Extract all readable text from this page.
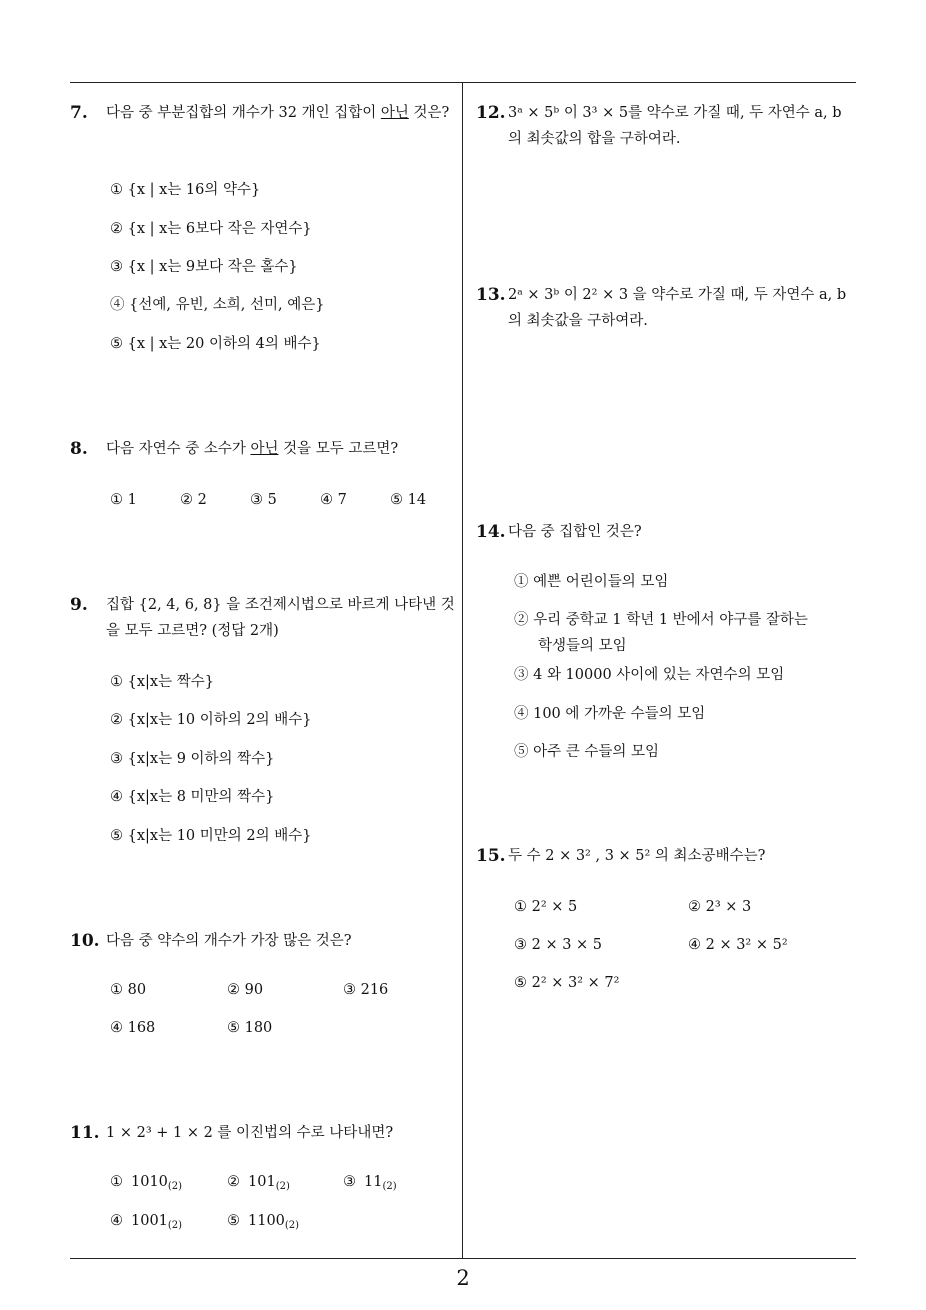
7.	다음 중 부분집합의 개수가 32 개인 집합이 아닌 것은?
① {x | x는 16의 약수}
② {x | x는 6보다 작은 자연수}
③ {x | x는 9보다 작은 홀수}
④ {선예, 유빈, 소희, 선미, 예은}
⑤ {x | x는 20 이하의 4의 배수}
8.	다음 자연수 중 소수가 아닌 것을 모두 고르면?
① 1	② 2	③ 5	④ 7	⑤ 14
9.	집합 {2, 4, 6, 8} 을 조건제시법으로 바르게 나타낸 것을 모두 고르면? (정답 2개)
① {x|x는 짝수}
② {x|x는 10 이하의 2의 배수}
③ {x|x는 9 이하의 짝수}
④ {x|x는 8 미만의 짝수}
⑤ {x|x는 10 미만의 2의 배수}
10. 다음 중 약수의 개수가 가장 많은 것은?
① 80	② 90	③ 216
④ 168	⑤ 180
11. 1 × 2³ + 1 × 2 를 이진법의 수로 나타내면?
① $1010_{(2)}$	② $101_{(2)}$	③ $11_{(2)}$
④ $1001_{(2)}$	⑤ $1100_{(2)}$
12. 3ᵃ × 5ᵇ 이 3³ × 5를 약수로 가질 때, 두 자연수 a, b 의 최솟값의 합을 구하여라.
13. 2ᵃ × 3ᵇ 이 2² × 3 을 약수로 가질 때, 두 자연수 a, b 의 최솟값을 구하여라.
14. 다음 중 집합인 것은?
① 예쁜 어린이들의 모임
② 우리 중학교 1 학년 1 반에서 야구를 잘하는
학생들의 모임
③ 4 와 10000 사이에 있는 자연수의 모임
④ 100 에 가까운 수들의 모임
⑤ 아주 큰 수들의 모임
15. 두 수 2 × 3² , 3 × 5² 의 최소공배수는?
① 2² × 5	② 2³ × 3
③ 2 × 3 × 5	④ 2 × 3² × 5²
⑤ 2² × 3² × 7²
2
